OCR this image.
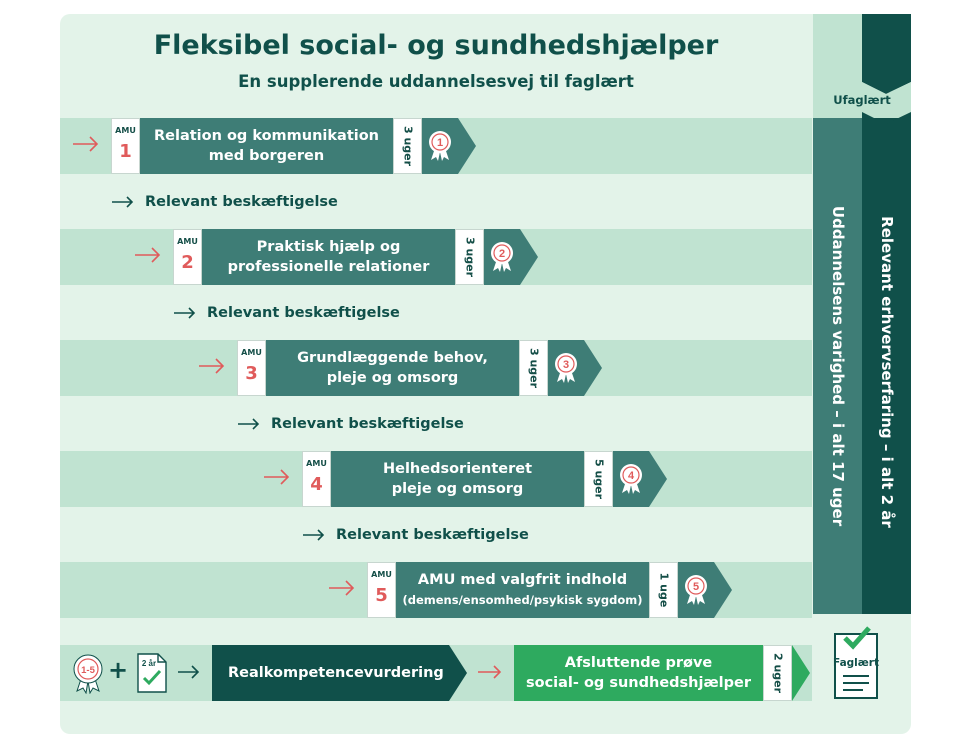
Fleksibel social- og sundhedshjælper
En supplerende uddannelsesvej til faglært
Ufaglært
Uddannelsens varighed – i alt 17 uger Relevant erhvervserfaring – i alt 2 år
AMU
1
Relation og kommunikation
med borgeren	3 uger 1
Relevant beskæftigelse
AMU
2
Praktisk hjælp og
professionelle relationer	3 uger 2
Relevant beskæftigelse
AMU
3
Grundlæggende behov,
pleje og omsorg	3 uger 3
Relevant beskæftigelse
AMU
4
Helhedsorienteret
pleje og omsorg	5 uger 4
Relevant beskæftigelse
AMU
5
AMU med valgfrit indhold
(demens/ensomhed/psykisk sygdom)	1 uge 5
1-5 + 2 år
Realkompetencevurdering
Afsluttende prøve
social- og sundhedshjælper	2 uger	Faglært
